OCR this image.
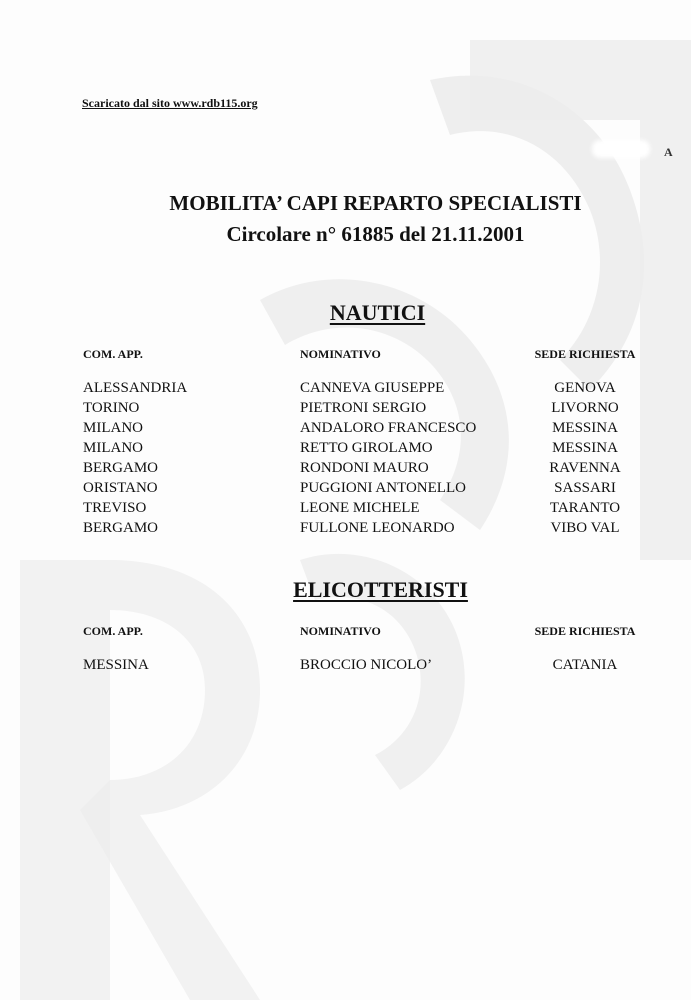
Scaricato dal sito www.rdb115.org
A
MOBILITA’ CAPI REPARTO SPECIALISTI
Circolare n° 61885 del 21.11.2001
NAUTICI
COM. APP.	NOMINATIVO	SEDE RICHIESTA
ALESSANDRIA	CANNEVA GIUSEPPE	GENOVA
TORINO	PIETRONI SERGIO	LIVORNO
MILANO	ANDALORO FRANCESCO	MESSINA
MILANO	RETTO GIROLAMO	MESSINA
BERGAMO	RONDONI MAURO	RAVENNA
ORISTANO	PUGGIONI ANTONELLO	SASSARI
TREVISO	LEONE MICHELE	TARANTO
BERGAMO	FULLONE LEONARDO	VIBO VAL
ELICOTTERISTI
COM. APP.	NOMINATIVO	SEDE RICHIESTA
MESSINA	BROCCIO NICOLO’	CATANIA
